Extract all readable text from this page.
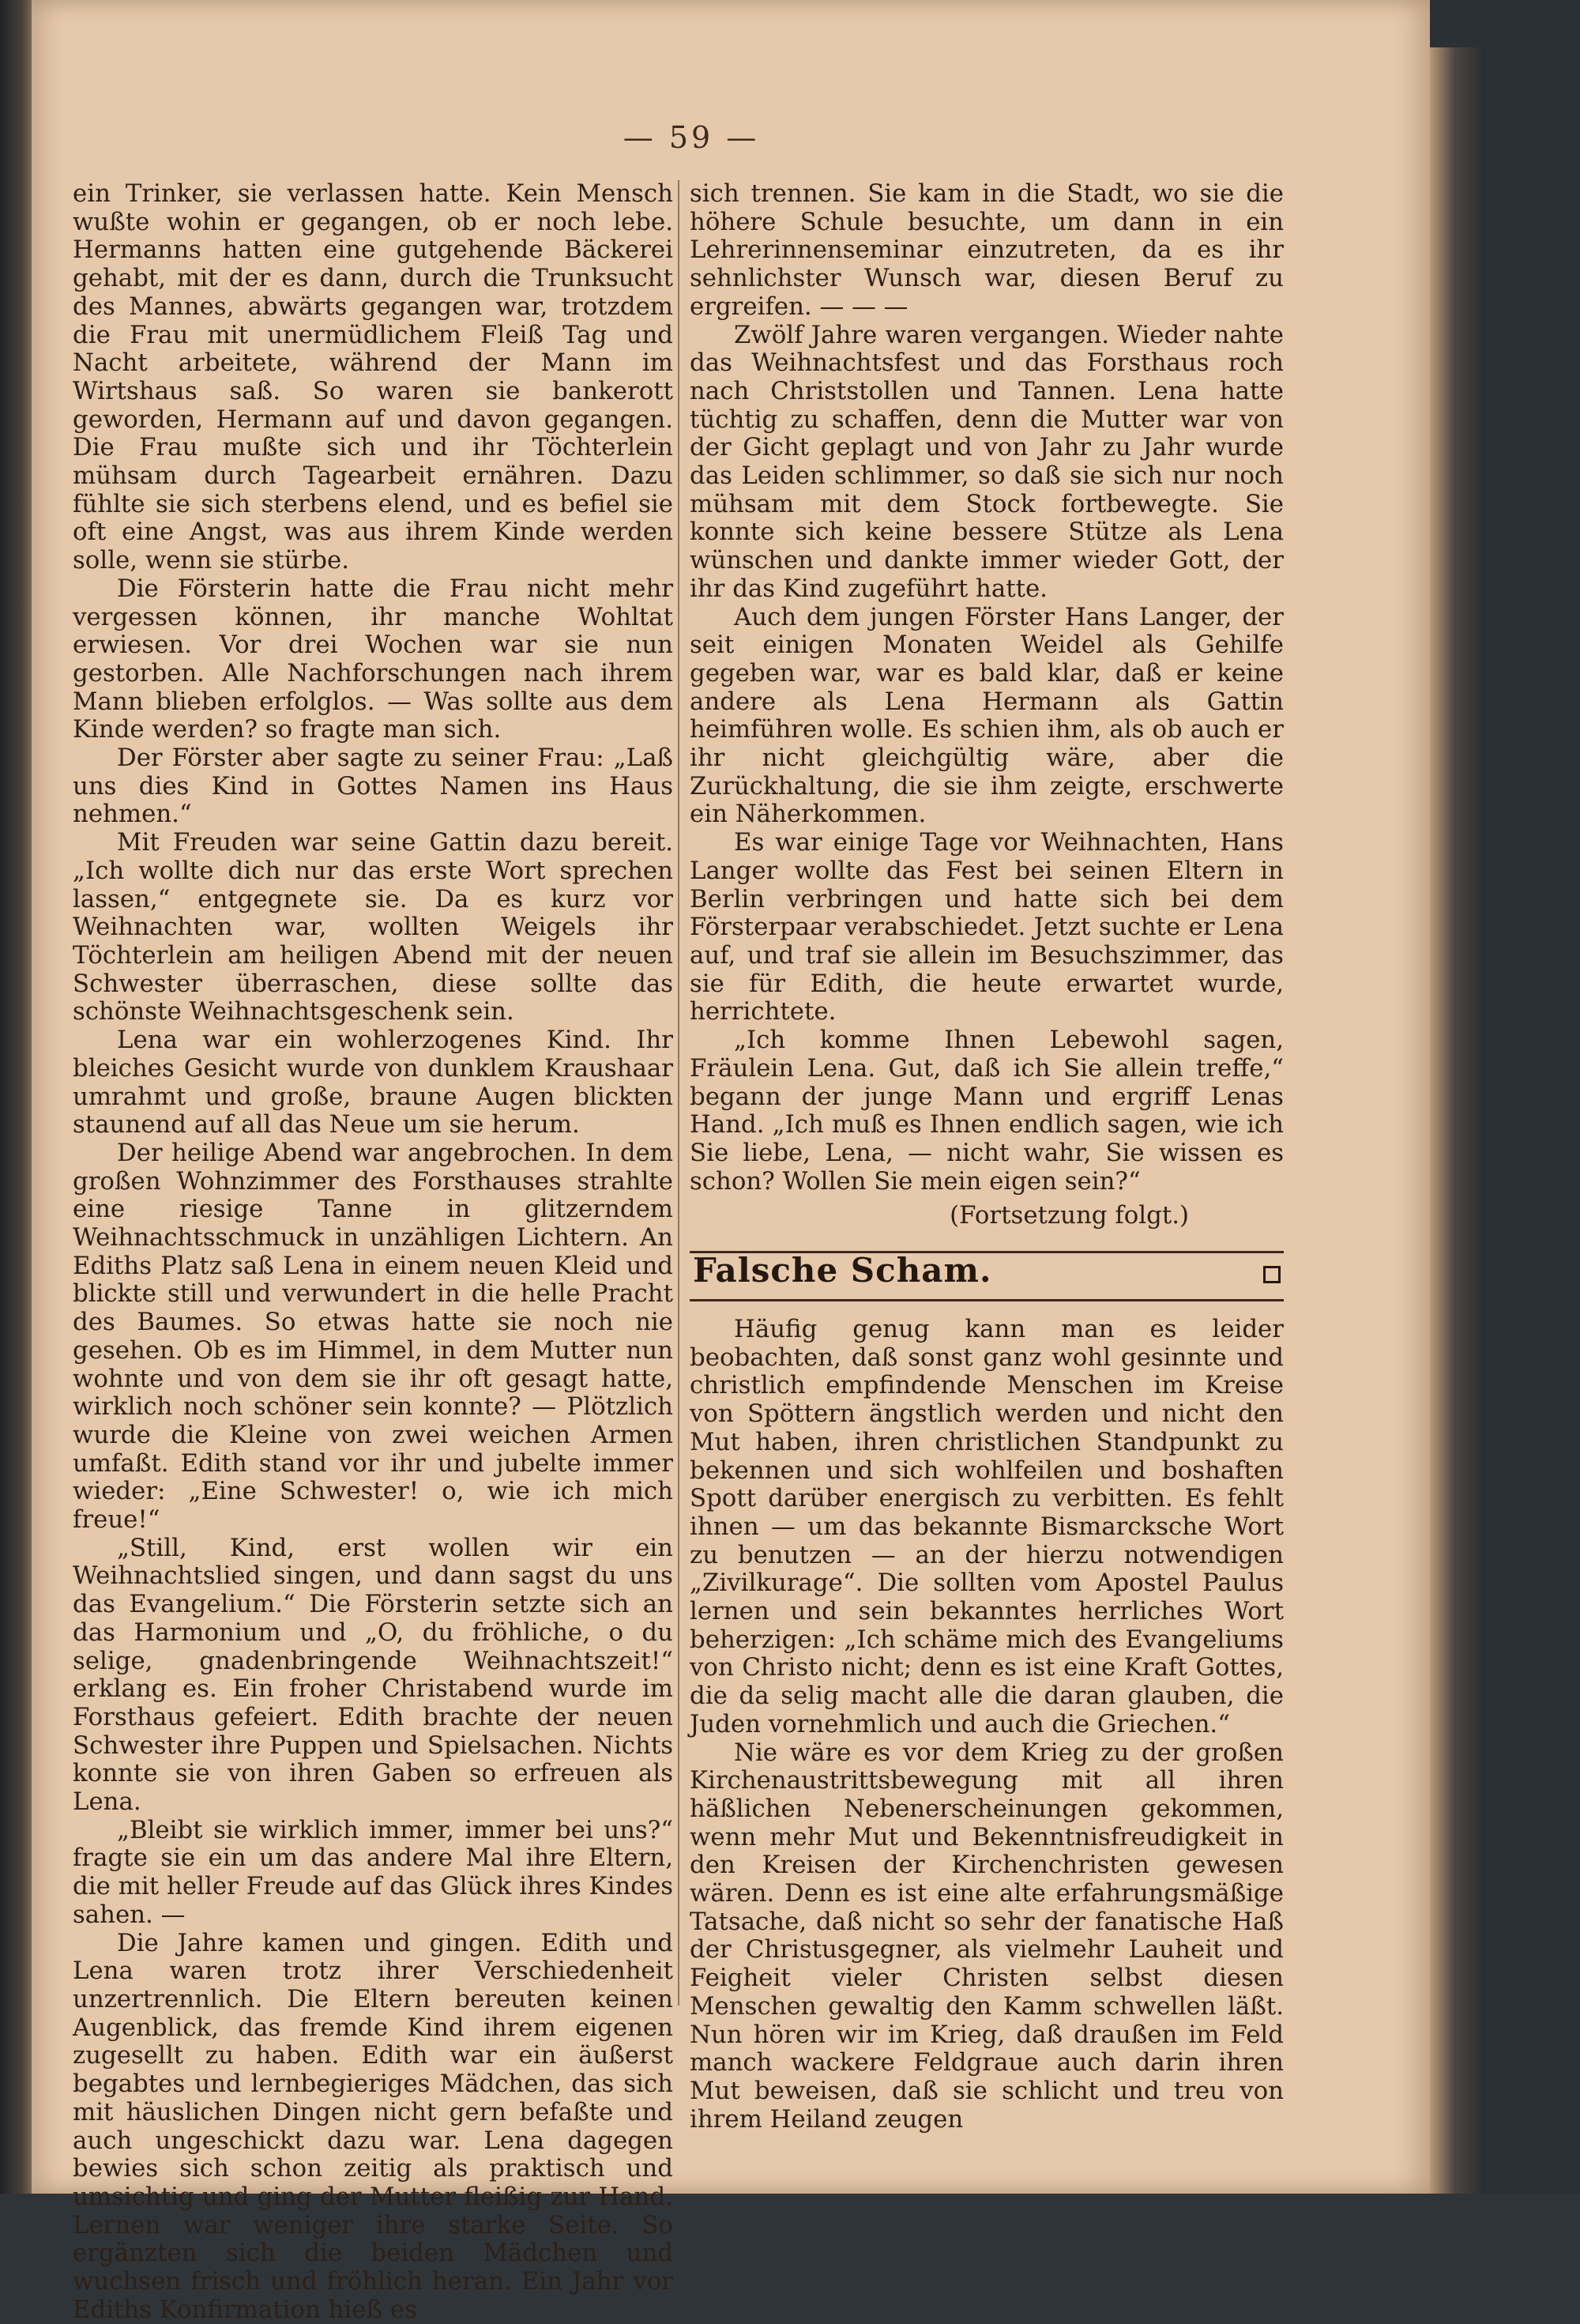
— 59 —

ein Trinker, sie verlassen hatte. Kein Mensch wußte wohin er gegangen, ob er noch lebe. Hermanns hatten eine gutgehende Bäckerei gehabt, mit der es dann, durch die Trunksucht des Mannes, abwärts gegangen war, trotzdem die Frau mit unermüdlichem Fleiß Tag und Nacht arbeitete, während der Mann im Wirtshaus saß. So waren sie bankerott geworden, Hermann auf und davon gegangen. Die Frau mußte sich und ihr Töchterlein mühsam durch Tagearbeit ernähren. Dazu fühlte sie sich sterbens elend, und es befiel sie oft eine Angst, was aus ihrem Kinde werden solle, wenn sie stürbe.

Die Försterin hatte die Frau nicht mehr vergessen können, ihr manche Wohltat erwiesen. Vor drei Wochen war sie nun gestorben. Alle Nachforschungen nach ihrem Mann blieben erfolglos. — Was sollte aus dem Kinde werden? so fragte man sich.

Der Förster aber sagte zu seiner Frau: „Laß uns dies Kind in Gottes Namen ins Haus nehmen.“

Mit Freuden war seine Gattin dazu bereit. „Ich wollte dich nur das erste Wort sprechen lassen,“ entgegnete sie. Da es kurz vor Weihnachten war, wollten Weigels ihr Töchterlein am heiligen Abend mit der neuen Schwester überraschen, diese sollte das schönste Weihnachtsgeschenk sein.

Lena war ein wohlerzogenes Kind. Ihr bleiches Gesicht wurde von dunklem Kraushaar umrahmt und große, braune Augen blickten staunend auf all das Neue um sie herum.

Der heilige Abend war angebrochen. In dem großen Wohnzimmer des Forsthauses strahlte eine riesige Tanne in glitzerndem Weihnachtsschmuck in unzähligen Lichtern. An Ediths Platz saß Lena in einem neuen Kleid und blickte still und verwundert in die helle Pracht des Baumes. So etwas hatte sie noch nie gesehen. Ob es im Himmel, in dem Mutter nun wohnte und von dem sie ihr oft gesagt hatte, wirklich noch schöner sein konnte? — Plötzlich wurde die Kleine von zwei weichen Armen umfaßt. Edith stand vor ihr und jubelte immer wieder: „Eine Schwester! o, wie ich mich freue!“

„Still, Kind, erst wollen wir ein Weihnachtslied singen, und dann sagst du uns das Evangelium.“ Die Försterin setzte sich an das Harmonium und „O, du fröhliche, o du selige, gnadenbringende Weihnachtszeit!“ erklang es. Ein froher Christabend wurde im Forsthaus gefeiert. Edith brachte der neuen Schwester ihre Puppen und Spielsachen. Nichts konnte sie von ihren Gaben so erfreuen als Lena.

„Bleibt sie wirklich immer, immer bei uns?“ fragte sie ein um das andere Mal ihre Eltern, die mit heller Freude auf das Glück ihres Kindes sahen. —

Die Jahre kamen und gingen. Edith und Lena waren trotz ihrer Verschiedenheit unzertrennlich. Die Eltern bereuten keinen Augenblick, das fremde Kind ihrem eigenen zugesellt zu haben. Edith war ein äußerst begabtes und lernbegieriges Mädchen, das sich mit häuslichen Dingen nicht gern befaßte und auch ungeschickt dazu war. Lena dagegen bewies sich schon zeitig als praktisch und umsichtig und ging der Mutter fleißig zur Hand. Lernen war weniger ihre starke Seite. So ergänzten sich die beiden Mädchen und wuchsen frisch und fröhlich heran. Ein Jahr vor Ediths Konfirmation hieß es

sich trennen. Sie kam in die Stadt, wo sie die höhere Schule besuchte, um dann in ein Lehrerinnenseminar einzutreten, da es ihr sehnlichster Wunsch war, diesen Beruf zu ergreifen. — — —

Zwölf Jahre waren vergangen. Wieder nahte das Weihnachtsfest und das Forsthaus roch nach Christstollen und Tannen. Lena hatte tüchtig zu schaffen, denn die Mutter war von der Gicht geplagt und von Jahr zu Jahr wurde das Leiden schlimmer, so daß sie sich nur noch mühsam mit dem Stock fortbewegte. Sie konnte sich keine bessere Stütze als Lena wünschen und dankte immer wieder Gott, der ihr das Kind zugeführt hatte.

Auch dem jungen Förster Hans Langer, der seit einigen Monaten Weidel als Gehilfe gegeben war, war es bald klar, daß er keine andere als Lena Hermann als Gattin heimführen wolle. Es schien ihm, als ob auch er ihr nicht gleichgültig wäre, aber die Zurückhaltung, die sie ihm zeigte, erschwerte ein Näherkommen.

Es war einige Tage vor Weihnachten, Hans Langer wollte das Fest bei seinen Eltern in Berlin verbringen und hatte sich bei dem Försterpaar verabschiedet. Jetzt suchte er Lena auf, und traf sie allein im Besuchszimmer, das sie für Edith, die heute erwartet wurde, herrichtete.

„Ich komme Ihnen Lebewohl sagen, Fräulein Lena. Gut, daß ich Sie allein treffe,“ begann der junge Mann und ergriff Lenas Hand. „Ich muß es Ihnen endlich sagen, wie ich Sie liebe, Lena, — nicht wahr, Sie wissen es schon? Wollen Sie mein eigen sein?“

(Fortsetzung folgt.)

Falsche Scham.

Häufig genug kann man es leider beobachten, daß sonst ganz wohl gesinnte und christlich empfindende Menschen im Kreise von Spöttern ängstlich werden und nicht den Mut haben, ihren christlichen Standpunkt zu bekennen und sich wohlfeilen und boshaften Spott darüber energisch zu verbitten. Es fehlt ihnen — um das bekannte Bismarcksche Wort zu benutzen — an der hierzu notwendigen „Zivilkurage“. Die sollten vom Apostel Paulus lernen und sein bekanntes herrliches Wort beherzigen: „Ich schäme mich des Evangeliums von Christo nicht; denn es ist eine Kraft Gottes, die da selig macht alle die daran glauben, die Juden vornehmlich und auch die Griechen.“

Nie wäre es vor dem Krieg zu der großen Kirchenaustrittsbewegung mit all ihren häßlichen Nebenerscheinungen gekommen, wenn mehr Mut und Bekenntnisfreudigkeit in den Kreisen der Kirchenchristen gewesen wären. Denn es ist eine alte erfahrungsmäßige Tatsache, daß nicht so sehr der fanatische Haß der Christusgegner, als vielmehr Lauheit und Feigheit vieler Christen selbst diesen Menschen gewaltig den Kamm schwellen läßt. Nun hören wir im Krieg, daß draußen im Feld manch wackere Feldgraue auch darin ihren Mut beweisen, daß sie schlicht und treu von ihrem Heiland zeugen
